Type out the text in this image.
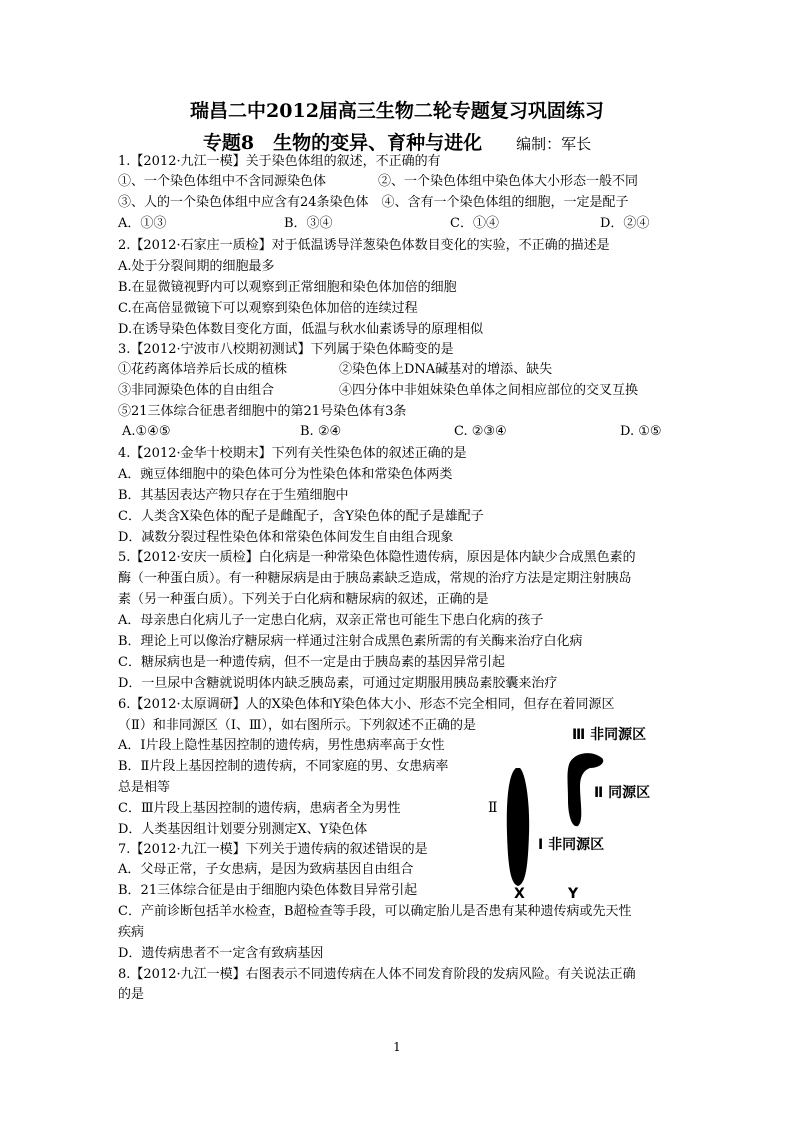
瑞昌二中2012届高三生物二轮专题复习巩固练习
专题8　生物的变异、育种与进化 编制：军长
1.【2012·九江一模】关于染色体组的叙述，不正确的有
①、一个染色体组中不含同源染色体　　　　②、一个染色体组中染色体大小形态一般不同
③、人的一个染色体组中应含有24条染色体　④、含有一个染色体组的细胞，一定是配子
A．①③	B．③④	C．①④	D．②④
2.【2012·石家庄一质检】对于低温诱导洋葱染色体数目变化的实验，不正确的描述是
A.处于分裂间期的细胞最多
B.在显微镜视野内可以观察到正常细胞和染色体加倍的细胞
C.在高倍显微镜下可以观察到染色体加倍的连续过程
D.在诱导染色体数目变化方面，低温与秋水仙素诱导的原理相似
3.【2012·宁波市八校期初测试】下列属于染色体畸变的是
①花药离体培养后长成的植株　　　　②染色体上DNA碱基对的增添、缺失
③非同源染色体的自由组合　　　　　④四分体中非姐妹染色单体之间相应部位的交叉互换
⑤21三体综合征患者细胞中的第21号染色体有3条
A.①④⑤	B. ②④	C. ②③④	D. ①⑤
4.【2012·金华十校期末】下列有关性染色体的叙述正确的是
A．豌豆体细胞中的染色体可分为性染色体和常染色体两类
B．其基因表达产物只存在于生殖细胞中
C．人类含X染色体的配子是雌配子，含Y染色体的配子是雄配子
D．减数分裂过程性染色体和常染色体间发生自由组合现象
5.【2012·安庆一质检】白化病是一种常染色体隐性遗传病，原因是体内缺少合成黑色素的
酶（一种蛋白质）。有一种糖尿病是由于胰岛素缺乏造成，常规的治疗方法是定期注射胰岛
素（另一种蛋白质）。下列关于白化病和糖尿病的叙述，正确的是
A．母亲患白化病儿子一定患白化病，双亲正常也可能生下患白化病的孩子
B．理论上可以像治疗糖尿病一样通过注射合成黑色素所需的有关酶来治疗白化病
C．糖尿病也是一种遗传病，但不一定是由于胰岛素的基因异常引起
D．一旦尿中含糖就说明体内缺乏胰岛素，可通过定期服用胰岛素胶囊来治疗
6.【2012·太原调研】人的X染色体和Y染色体大小、形态不完全相同，但存在着同源区
（Ⅱ）和非同源区（Ⅰ、Ⅲ），如右图所示。下列叙述不正确的是
A．Ⅰ片段上隐性基因控制的遗传病，男性患病率高于女性
B．Ⅱ片段上基因控制的遗传病，不同家庭的男、女患病率
总是相等
C．Ⅲ片段上基因控制的遗传病，患病者全为男性
D．人类基因组计划要分别测定X、Y染色体
7.【2012·九江一模】下列关于遗传病的叙述错误的是
A．父母正常，子女患病，是因为致病基因自由组合
B．21三体综合征是由于细胞内染色体数目异常引起
C．产前诊断包括羊水检查，B超检查等手段，可以确定胎儿是否患有某种遗传病或先天性
疾病
D．遗传病患者不一定含有致病基因
8.【2012·九江一模】右图表示不同遗传病在人体不同发育阶段的发病风险。有关说法正确
的是
Ⅲ 非同源区
Ⅱ 同源区
Ⅱ
Ⅰ 非同源区
X	Y
1
